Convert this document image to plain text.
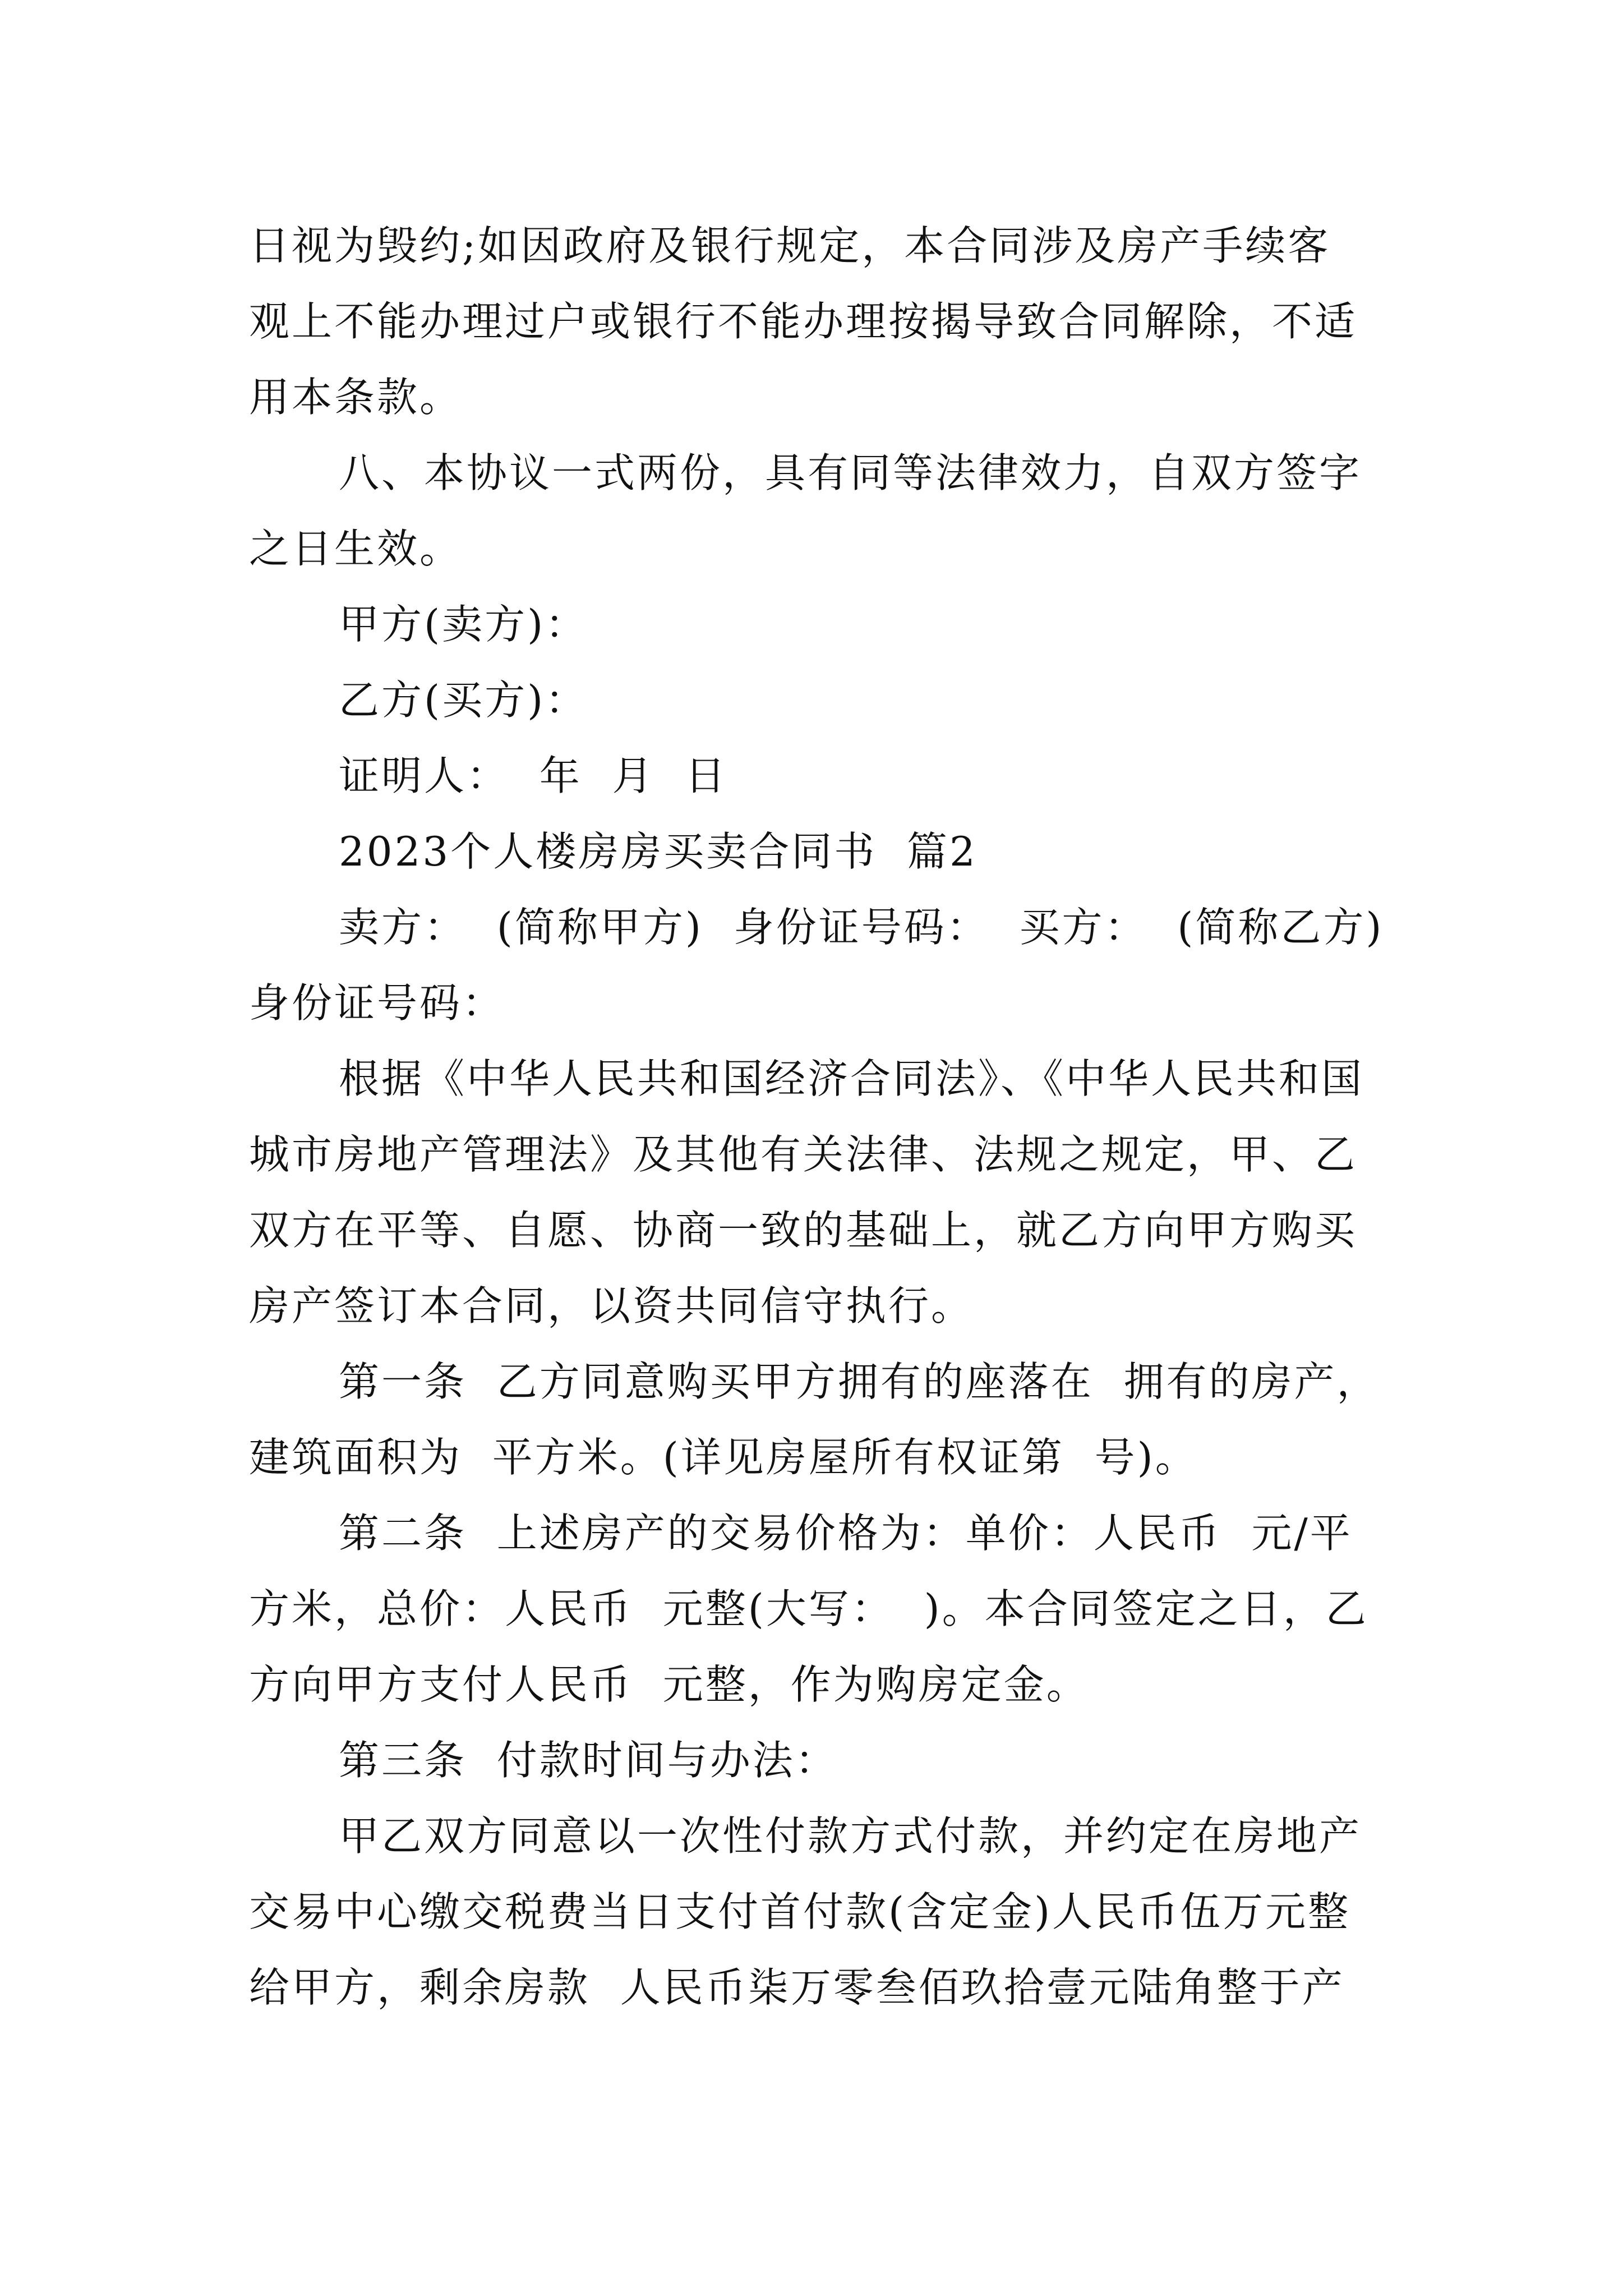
日视为毁约;如因政府及银行规定，本合同涉及房产手续客
观上不能办理过户或银行不能办理按揭导致合同解除，不适
用本条款。
八、本协议一式两份，具有同等法律效力，自双方签字
之日生效。
甲方(卖方)：
乙方(买方)：
证明人：  年  月  日
2023个人楼房房买卖合同书  篇2
卖方：  (简称甲方)  身份证号码：  买方：  (简称乙方)
身份证号码：
根据《中华人民共和国经济合同法》、《中华人民共和国
城市房地产管理法》及其他有关法律、法规之规定，甲、乙
双方在平等、自愿、协商一致的基础上，就乙方向甲方购买
房产签订本合同，以资共同信守执行。
第一条  乙方同意购买甲方拥有的座落在  拥有的房产，
建筑面积为  平方米。(详见房屋所有权证第  号)。
第二条  上述房产的交易价格为：单价：人民币  元/平
方米，总价：人民币  元整(大写：  )。本合同签定之日，乙
方向甲方支付人民币  元整，作为购房定金。
第三条  付款时间与办法：
甲乙双方同意以一次性付款方式付款，并约定在房地产
交易中心缴交税费当日支付首付款(含定金)人民币伍万元整
给甲方，剩余房款  人民币柒万零叁佰玖拾壹元陆角整于产
